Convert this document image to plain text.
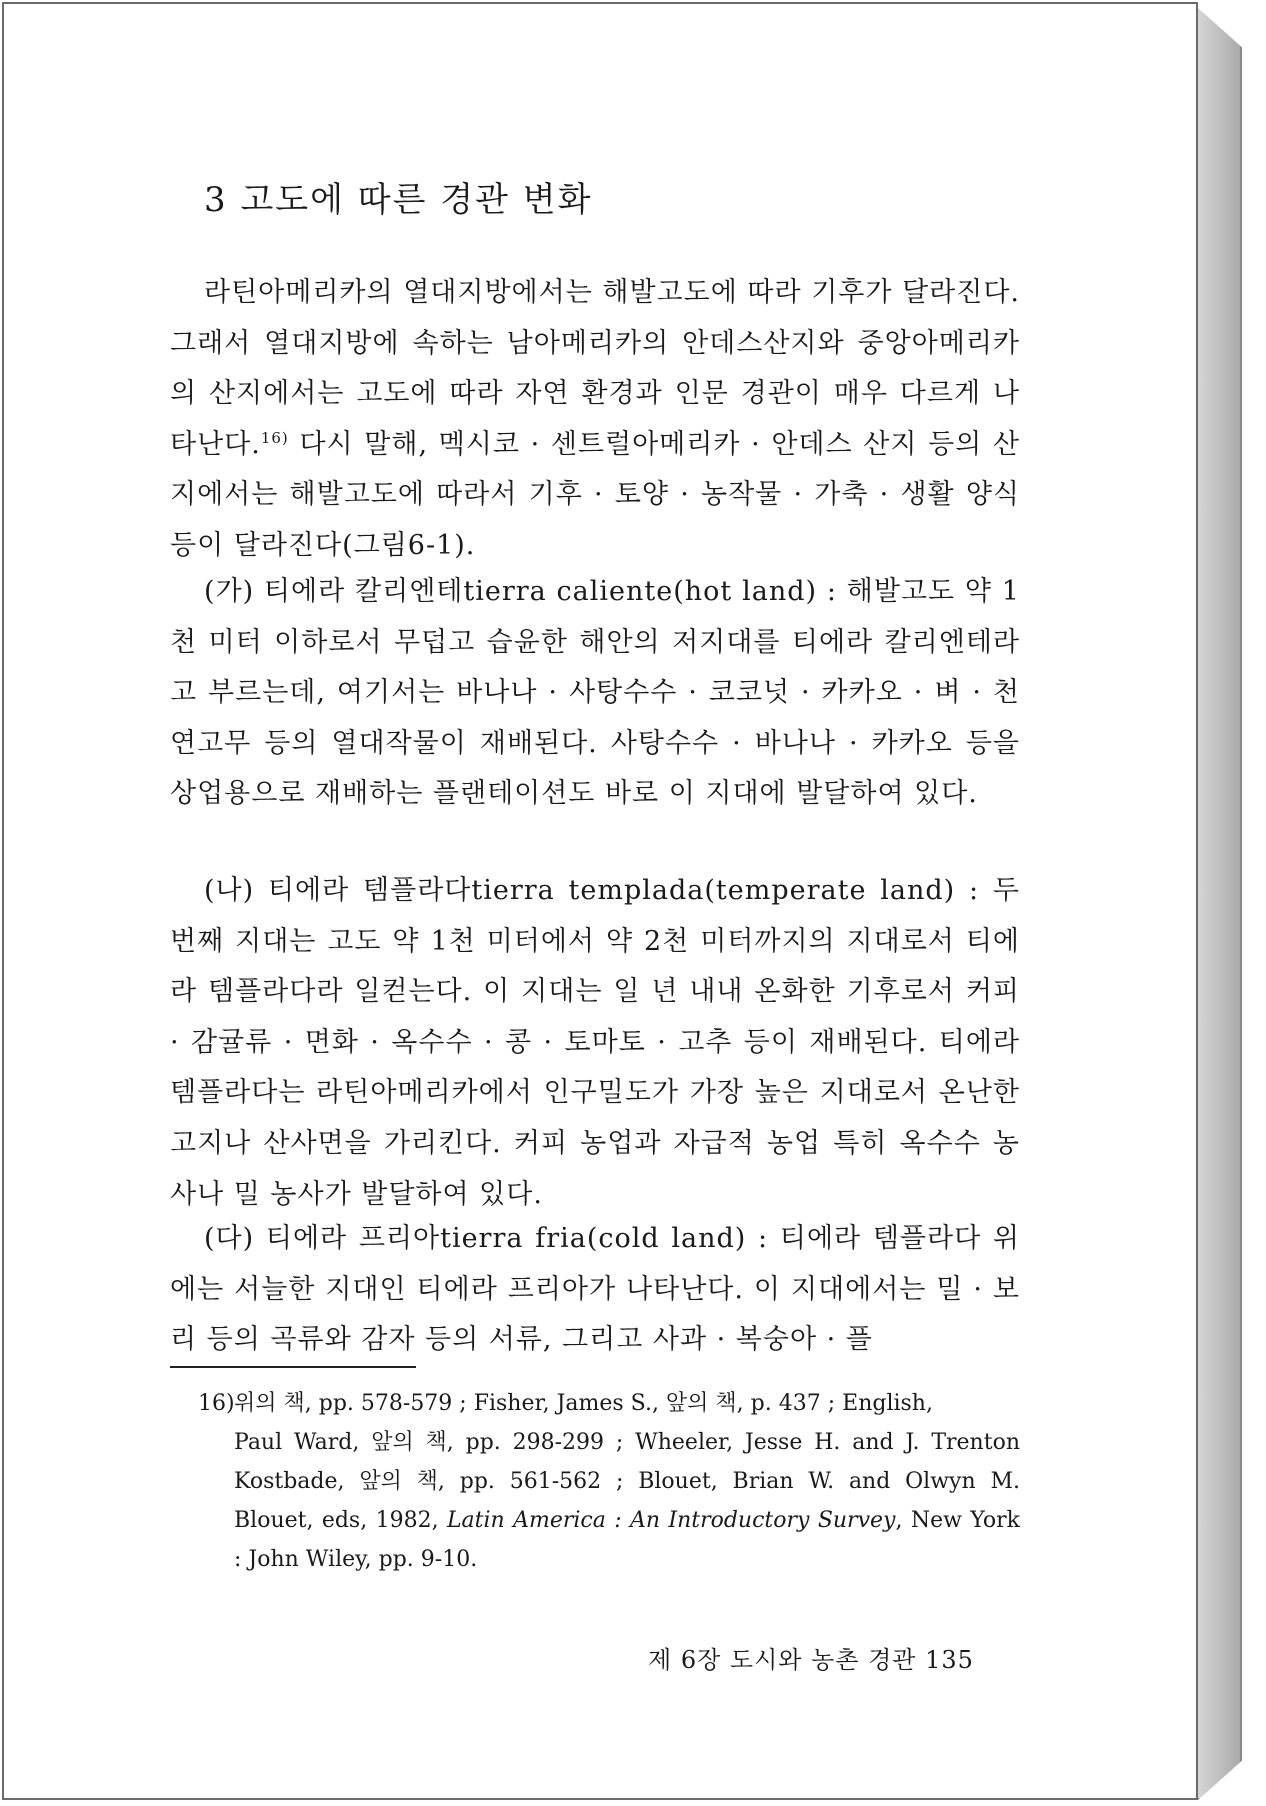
3 고도에 따른 경관 변화

라틴아메리카의 열대지방에서는 해발고도에 따라 기후가 달라진다. 그래서 열대지방에 속하는 남아메리카의 안데스산지와 중앙아메리카의 산지에서는 고도에 따라 자연 환경과 인문 경관이 매우 다르게 나타난다.$^{16)}$ 다시 말해, 멕시코 · 센트럴아메리카 · 안데스 산지 등의 산지에서는 해발고도에 따라서 기후 · 토양 · 농작물 · 가축 · 생활 양식 등이 달라진다(그림6-1).

(가) 티에라 칼리엔테tierra caliente(hot land) : 해발고도 약 1천 미터 이하로서 무덥고 습윤한 해안의 저지대를 티에라 칼리엔테라고 부르는데, 여기서는 바나나 · 사탕수수 · 코코넛 · 카카오 · 벼 · 천연고무 등의 열대작물이 재배된다. 사탕수수 · 바나나 · 카카오 등을 상업용으로 재배하는 플랜테이션도 바로 이 지대에 발달하여 있다.

(나) 티에라 템플라다tierra templada(temperate land) : 두번째 지대는 고도 약 1천 미터에서 약 2천 미터까지의 지대로서 티에라 템플라다라 일컫는다. 이 지대는 일 년 내내 온화한 기후로서 커피 · 감귤류 · 면화 · 옥수수 · 콩 · 토마토 · 고추 등이 재배된다. 티에라 템플라다는 라틴아메리카에서 인구밀도가 가장 높은 지대로서 온난한 고지나 산사면을 가리킨다. 커피 농업과 자급적 농업 특히 옥수수 농사나 밀 농사가 발달하여 있다.

(다) 티에라 프리아tierra fria(cold land) : 티에라 템플라다 위에는 서늘한 지대인 티에라 프리아가 나타난다. 이 지대에서는 밀 · 보리 등의 곡류와 감자 등의 서류, 그리고 사과 · 복숭아 · 플

16)위의 책, pp. 578-579 ; Fisher, James S., 앞의 책, p. 437 ; English,
Paul Ward, 앞의 책, pp. 298-299 ; Wheeler, Jesse H. and J. Trenton Kostbade, 앞의 책, pp. 561-562 ; Blouet, Brian W. and Olwyn M. Blouet, eds, 1982, Latin America : An Introductory Survey, New York : John Wiley, pp. 9-10.

제 6장 도시와 농촌 경관 135
